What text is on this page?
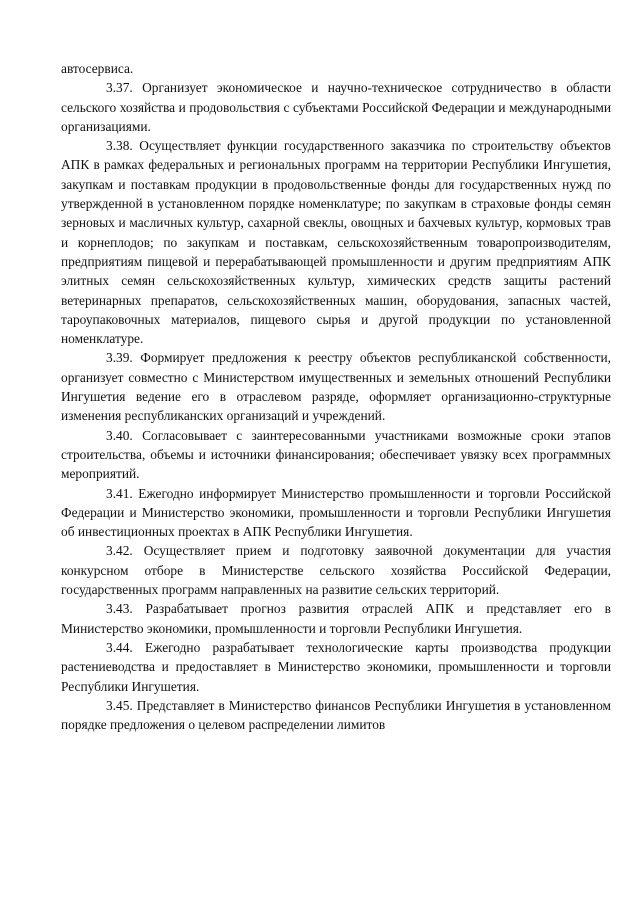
автосервиса.

3.37. Организует экономическое и научно-техническое сотрудничество в области сельского хозяйства и продовольствия с субъектами Российской Федерации и международными организациями.

3.38. Осуществляет функции государственного заказчика по строительству объектов АПК в рамках федеральных и региональных программ на территории Республики Ингушетия, закупкам и поставкам продукции в продовольственные фонды для государственных нужд по утвержденной в установленном порядке номенклатуре; по закупкам в страховые фонды семян зерновых и масличных культур, сахарной свеклы, овощных и бахчевых культур, кормовых трав и корнеплодов; по закупкам и поставкам, сельскохозяйственным товаропроизводителям, предприятиям пищевой и перерабатывающей промышленности и другим предприятиям АПК элитных семян сельскохозяйственных культур, химических средств защиты растений ветеринарных препаратов, сельскохозяйственных машин, оборудования, запасных частей, тароупаковочных материалов, пищевого сырья и другой продукции по установленной номенклатуре.

3.39. Формирует предложения к реестру объектов республиканской собственности, организует совместно с Министерством имущественных и земельных отношений Республики Ингушетия ведение его в отраслевом разряде, оформляет организационно-структурные изменения республиканских организаций и учреждений.

3.40. Согласовывает с заинтересованными участниками возможные сроки этапов строительства, объемы и источники финансирования; обеспечивает увязку всех программных мероприятий.

3.41. Ежегодно информирует Министерство промышленности и торговли Российской Федерации и Министерство экономики, промышленности и торговли Республики Ингушетия об инвестиционных проектах в АПК Республики Ингушетия.

3.42. Осуществляет прием и подготовку заявочной документации для участия конкурсном отборе в Министерстве сельского хозяйства Российской Федерации, государственных программ направленных на развитие сельских территорий.

3.43. Разрабатывает прогноз развития отраслей АПК и представляет его в Министерство экономики, промышленности и торговли Республики Ингушетия.

3.44. Ежегодно разрабатывает технологические карты производства продукции растениеводства и предоставляет в Министерство экономики, промышленности и торговли Республики Ингушетия.

3.45. Представляет в Министерство финансов Республики Ингушетия в установленном порядке предложения о целевом распределении лимитов
